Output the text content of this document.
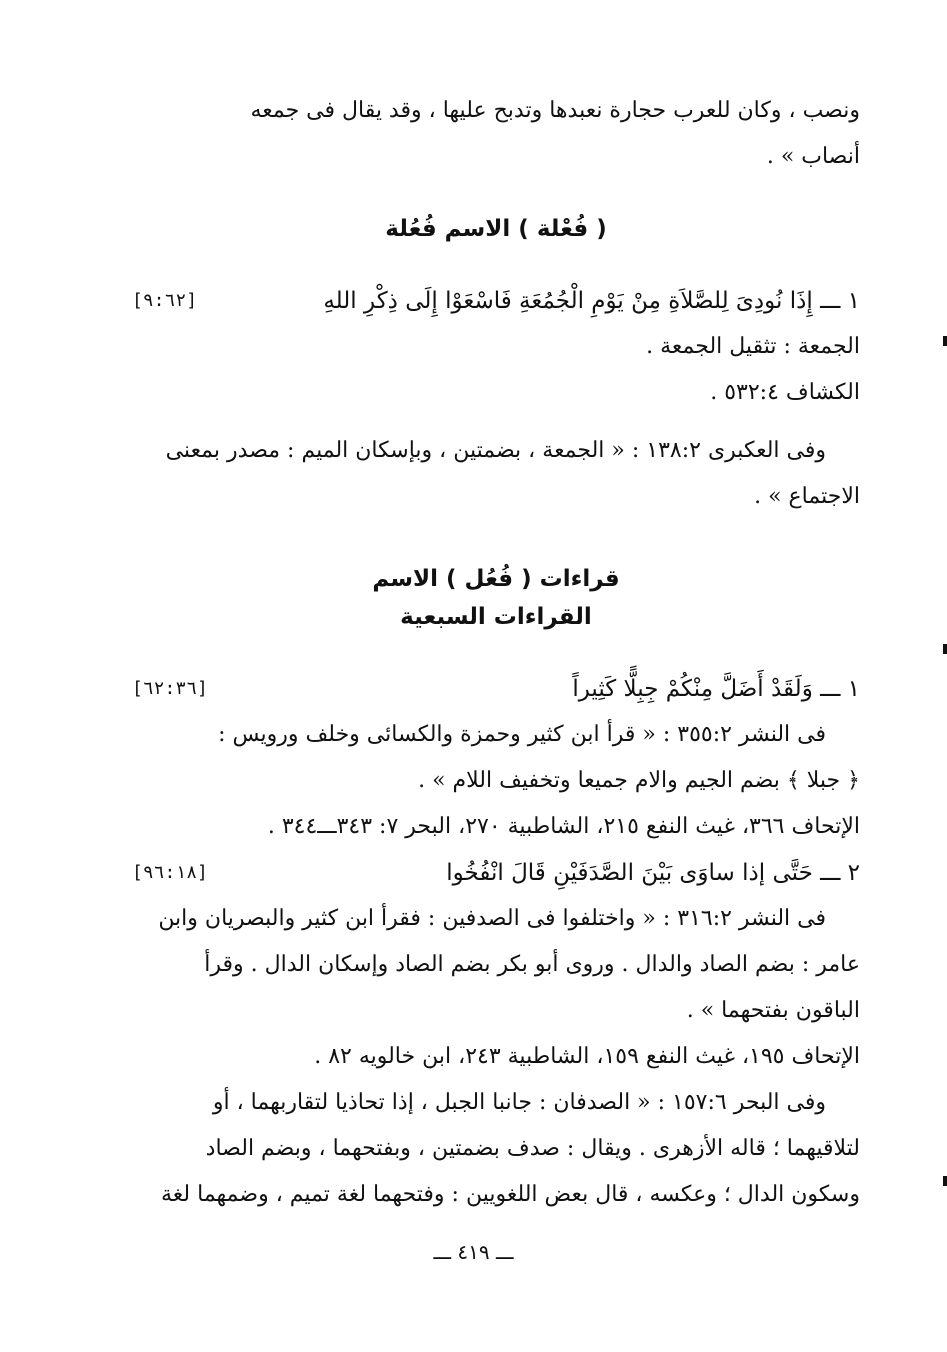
ونصب ، وكان للعرب حجارة نعبدها وتدبح عليها ، وقد يقال فى جمعه
أنصاب » .
( فُعْلة ) الاسم فُعُلة
١ ـــ إِذَا نُودِىَ لِلصَّلاَةِ مِنْ يَوْمِ الْجُمُعَةِ فَاسْعَوْا إِلَى ذِكْرِ اللهِ
[٩:٦٢]
الجمعة : تثقيل الجمعة .
الكشاف ٥٣٢:٤ .
وفى العكبرى ١٣٨:٢ : « الجمعة ، بضمتين ، وبإسكان الميم : مصدر بمعنى
الاجتماع » .
قراءات ( فُعُل ) الاسم
القراءات السبعية
١ ـــ وَلَقَدْ أَضَلَّ مِنْكُمْ جِبِلًّا كَثِيراً
[٦٢:٣٦]
فى النشر ٣٥٥:٢ : « قرأ ابن كثير وحمزة والكسائى وخلف ورويس :
﴿ جبلا ﴾ بضم الجيم والام جميعا وتخفيف اللام » .
الإتحاف ٣٦٦، غيث النفع ٢١٥، الشاطبية ٢٧٠، البحر ٧: ٣٤٣ـــ٣٤٤ .
٢ ـــ حَتَّى إذا ساوَى بَيْنَ الصَّدَفَيْنِ قَالَ انْفُخُوا
[٩٦:١٨]
فى النشر ٣١٦:٢ : « واختلفوا فى الصدفين : فقرأ ابن كثير والبصريان وابن
عامر : بضم الصاد والدال . وروى أبو بكر بضم الصاد وإسكان الدال . وقرأ
الباقون بفتحهما » .
الإتحاف ١٩٥، غيث النفع ١٥٩، الشاطبية ٢٤٣، ابن خالويه ٨٢ .
وفى البحر ١٥٧:٦ : « الصدفان : جانبا الجبل ، إذا تحاذيا لتقاربهما ، أو
لتلاقيهما ؛ قاله الأزهرى . ويقال : صدف بضمتين ، وبفتحهما ، وبضم الصاد
وسكون الدال ؛ وعكسه ، قال بعض اللغويين : وفتحهما لغة تميم ، وضمهما لغة
ـــ ٤١٩ ـــ
